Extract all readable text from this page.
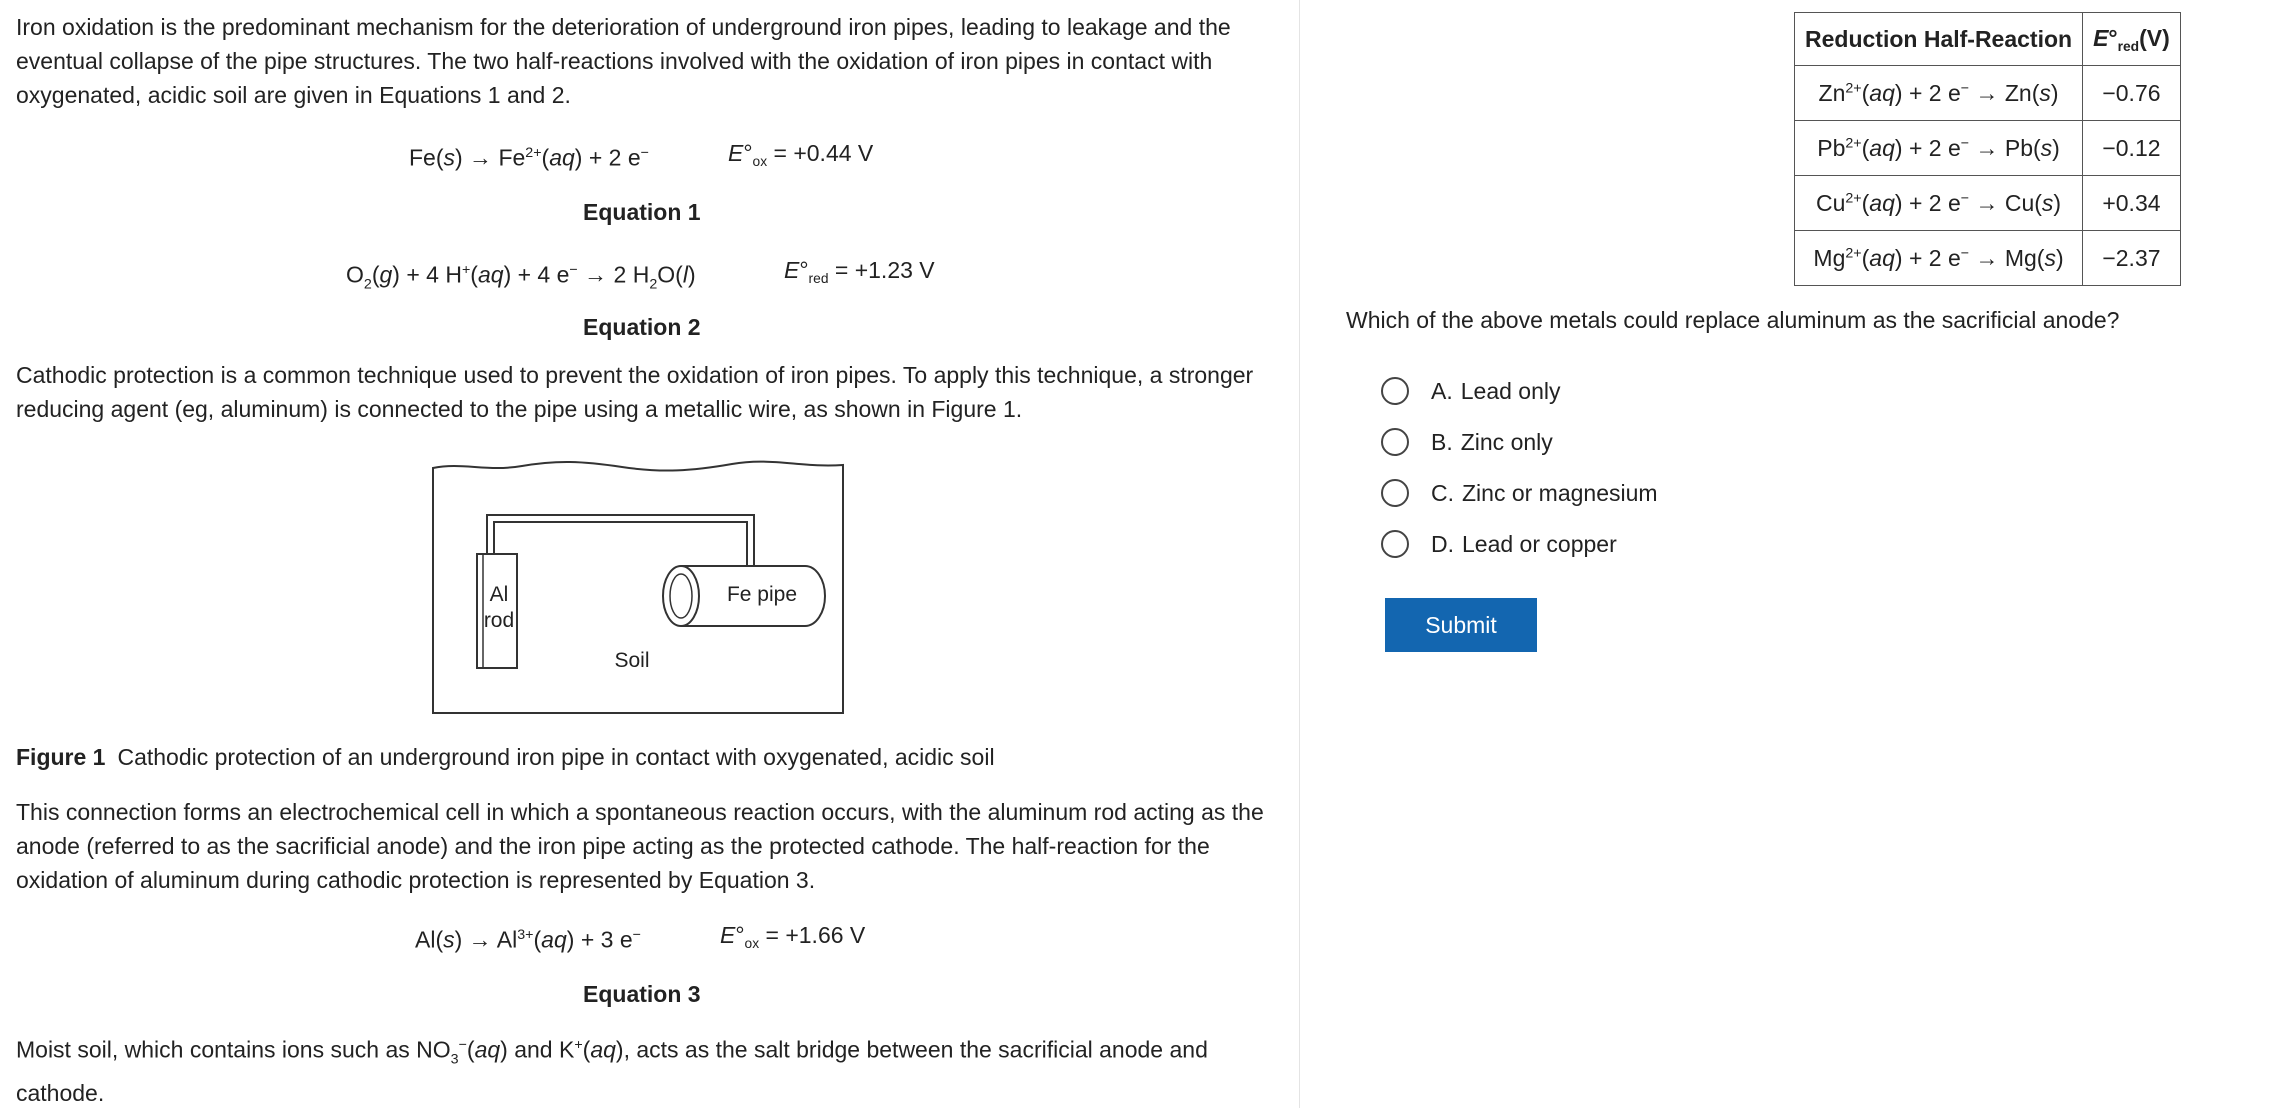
Iron oxidation is the predominant mechanism for the deterioration of underground iron pipes, leading to leakage and the eventual collapse of the pipe structures. The two half-reactions involved with the oxidation of iron pipes in contact with oxygenated, acidic soil are given in Equations 1 and 2.

$Fe(s) \to Fe^{2+}(aq) + 2$ e−	$E^\circ_{ox} = +0.44$ V
Equation 1
$O_2(g) + 4$ H+(aq) + 4 e− → 2 $H_2O(l)$	$E^\circ_{red} = +1.23$ V
Equation 2

Cathodic protection is a common technique used to prevent the oxidation of iron pipes. To apply this technique, a stronger reducing agent (eg, aluminum) is connected to the pipe using a metallic wire, as shown in Figure 1.

Al
rod
Fe pipe
Soil
Figure 1 Cathodic protection of an underground iron pipe in contact with oxygenated, acidic soil

This connection forms an electrochemical cell in which a spontaneous reaction occurs, with the aluminum rod acting as the anode (referred to as the sacrificial anode) and the iron pipe acting as the protected cathode. The half-reaction for the oxidation of aluminum during cathodic protection is represented by Equation 3.

$Al(s) \to Al^{3+}(aq) + 3$ e−	$E^\circ_{ox} = +1.66$ V
Equation 3

Moist soil, which contains ions such as $NO_3^-(aq)$ and K+(aq), acts as the salt bridge between the sacrificial anode and cathode.

Reduction Half-Reaction	$E^\circ_{red}(V)$
$Zn^{2+}(aq) + 2$ e− → Zn(s)	−0.76
$Pb^{2+}(aq) + 2$ e− → Pb(s)	−0.12
$Cu^{2+}(aq) + 2$ e− → Cu(s)	+0.34
$Mg^{2+}(aq) + 2$ e− → Mg(s)	−2.37
Which of the above metals could replace aluminum as the sacrificial anode?
A. Lead only
B. Zinc only
C. Zinc or magnesium
D. Lead or copper
Submit
